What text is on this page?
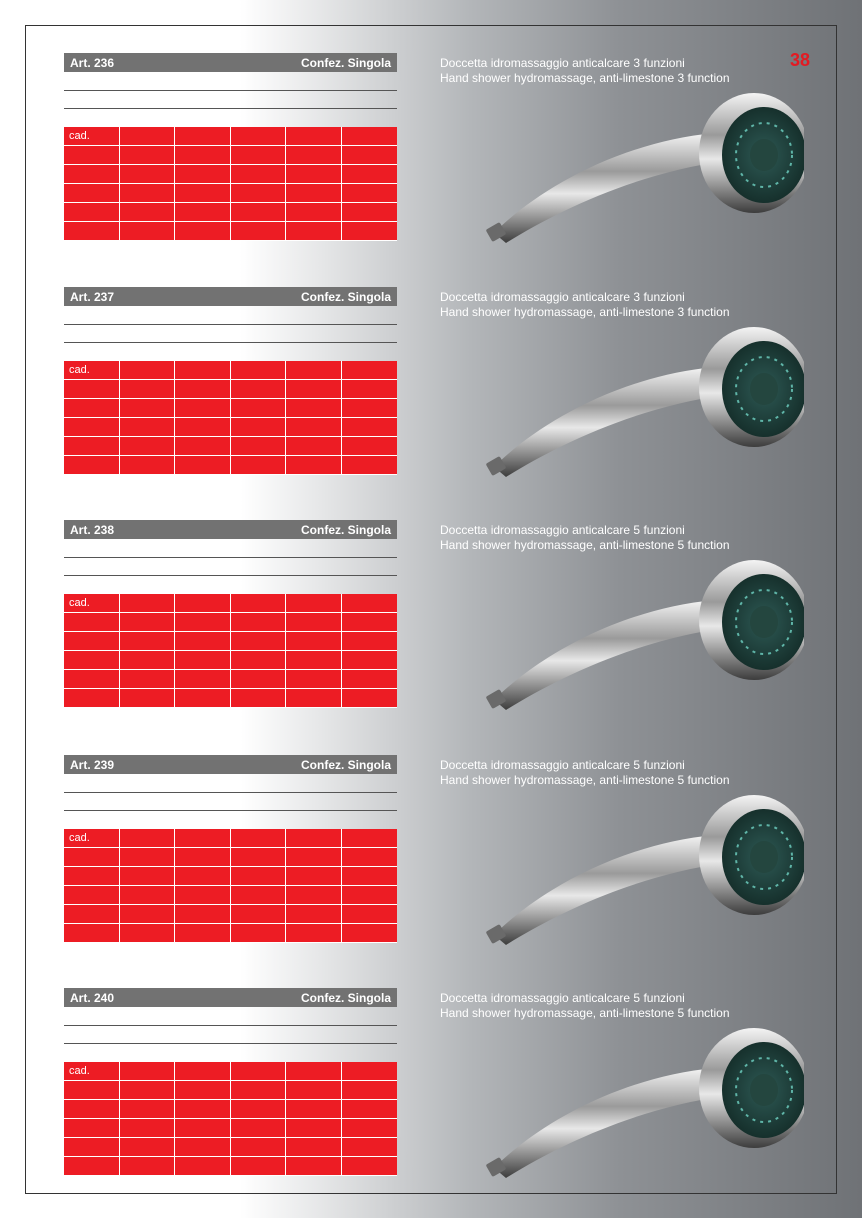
38
Art. 236	Confez. Singola
cad.
Doccetta idromassaggio anticalcare 3 funzioni
Hand shower hydromassage, anti-limestone 3 function
Art. 237	Confez. Singola
cad.
Doccetta idromassaggio anticalcare 3 funzioni
Hand shower hydromassage, anti-limestone 3 function
Art. 238	Confez. Singola
cad.
Doccetta idromassaggio anticalcare 5 funzioni
Hand shower hydromassage, anti-limestone 5 function
Art. 239	Confez. Singola
cad.
Doccetta idromassaggio anticalcare 5 funzioni
Hand shower hydromassage, anti-limestone 5 function
Art. 240	Confez. Singola
cad.
Doccetta idromassaggio anticalcare 5 funzioni
Hand shower hydromassage, anti-limestone 5 function
